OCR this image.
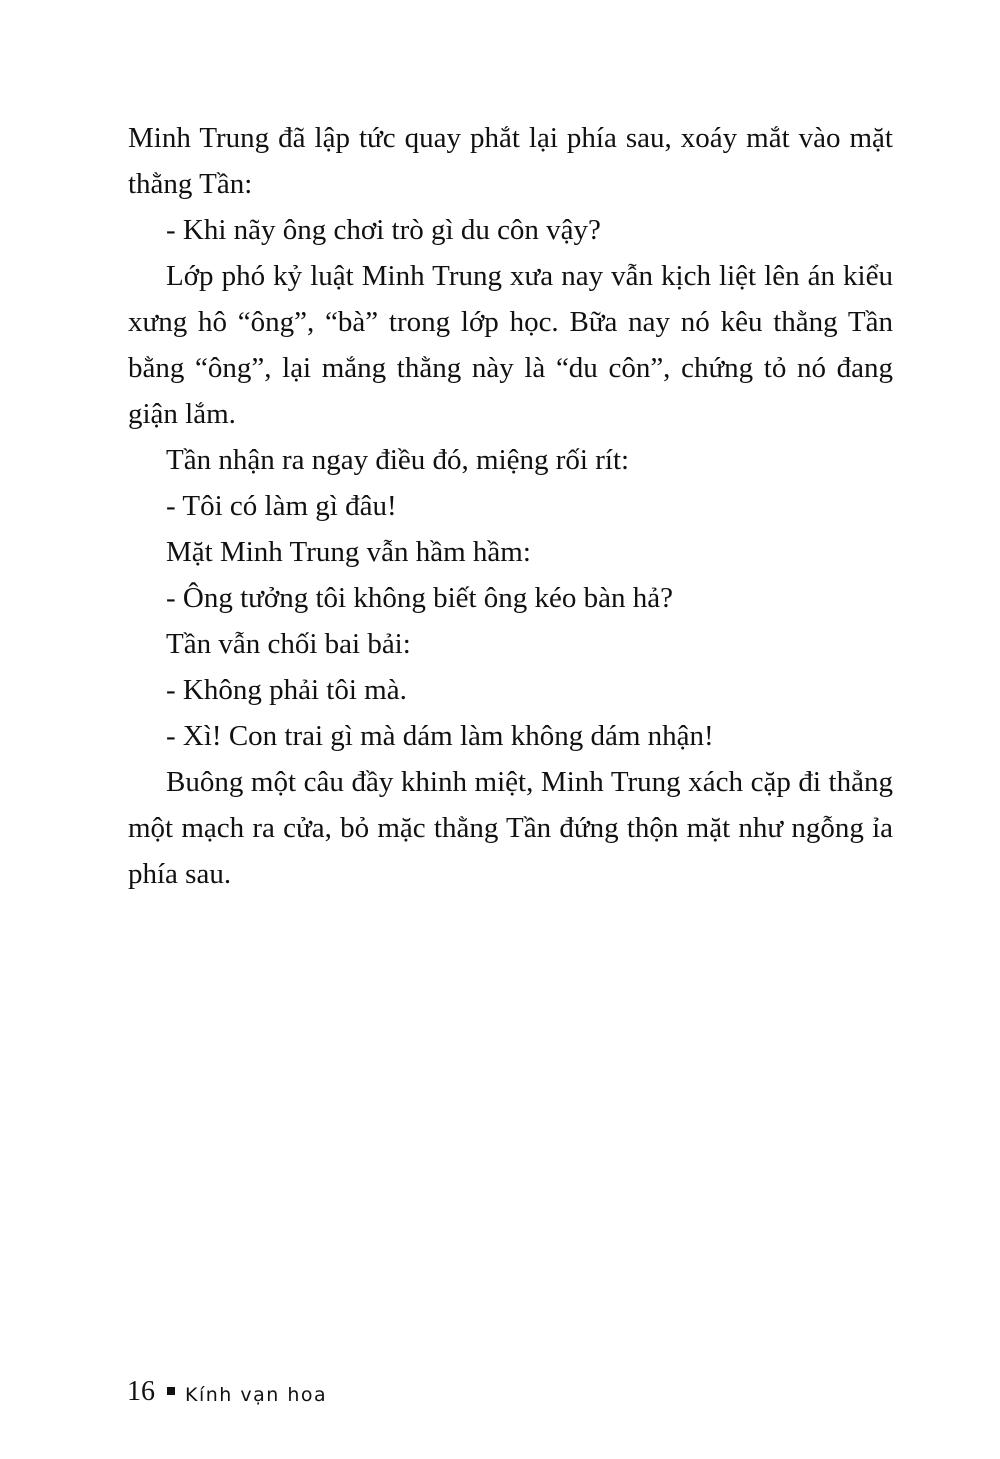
Minh Trung đã lập tức quay phắt lại phía sau, xoáy mắt vào mặt thằng Tần:

- Khi nãy ông chơi trò gì du côn vậy?

Lớp phó kỷ luật Minh Trung xưa nay vẫn kịch liệt lên án kiểu xưng hô “ông”, “bà” trong lớp học. Bữa nay nó kêu thằng Tần bằng “ông”, lại mắng thằng này là “du côn”, chứng tỏ nó đang giận lắm.

Tần nhận ra ngay điều đó, miệng rối rít:

- Tôi có làm gì đâu!

Mặt Minh Trung vẫn hầm hầm:

- Ông tưởng tôi không biết ông kéo bàn hả?

Tần vẫn chối bai bải:

- Không phải tôi mà.

- Xì! Con trai gì mà dám làm không dám nhận!

Buông một câu đầy khinh miệt, Minh Trung xách cặp đi thẳng một mạch ra cửa, bỏ mặc thằng Tần đứng thộn mặt như ngỗng ỉa phía sau.

16 Kính vạn hoa
